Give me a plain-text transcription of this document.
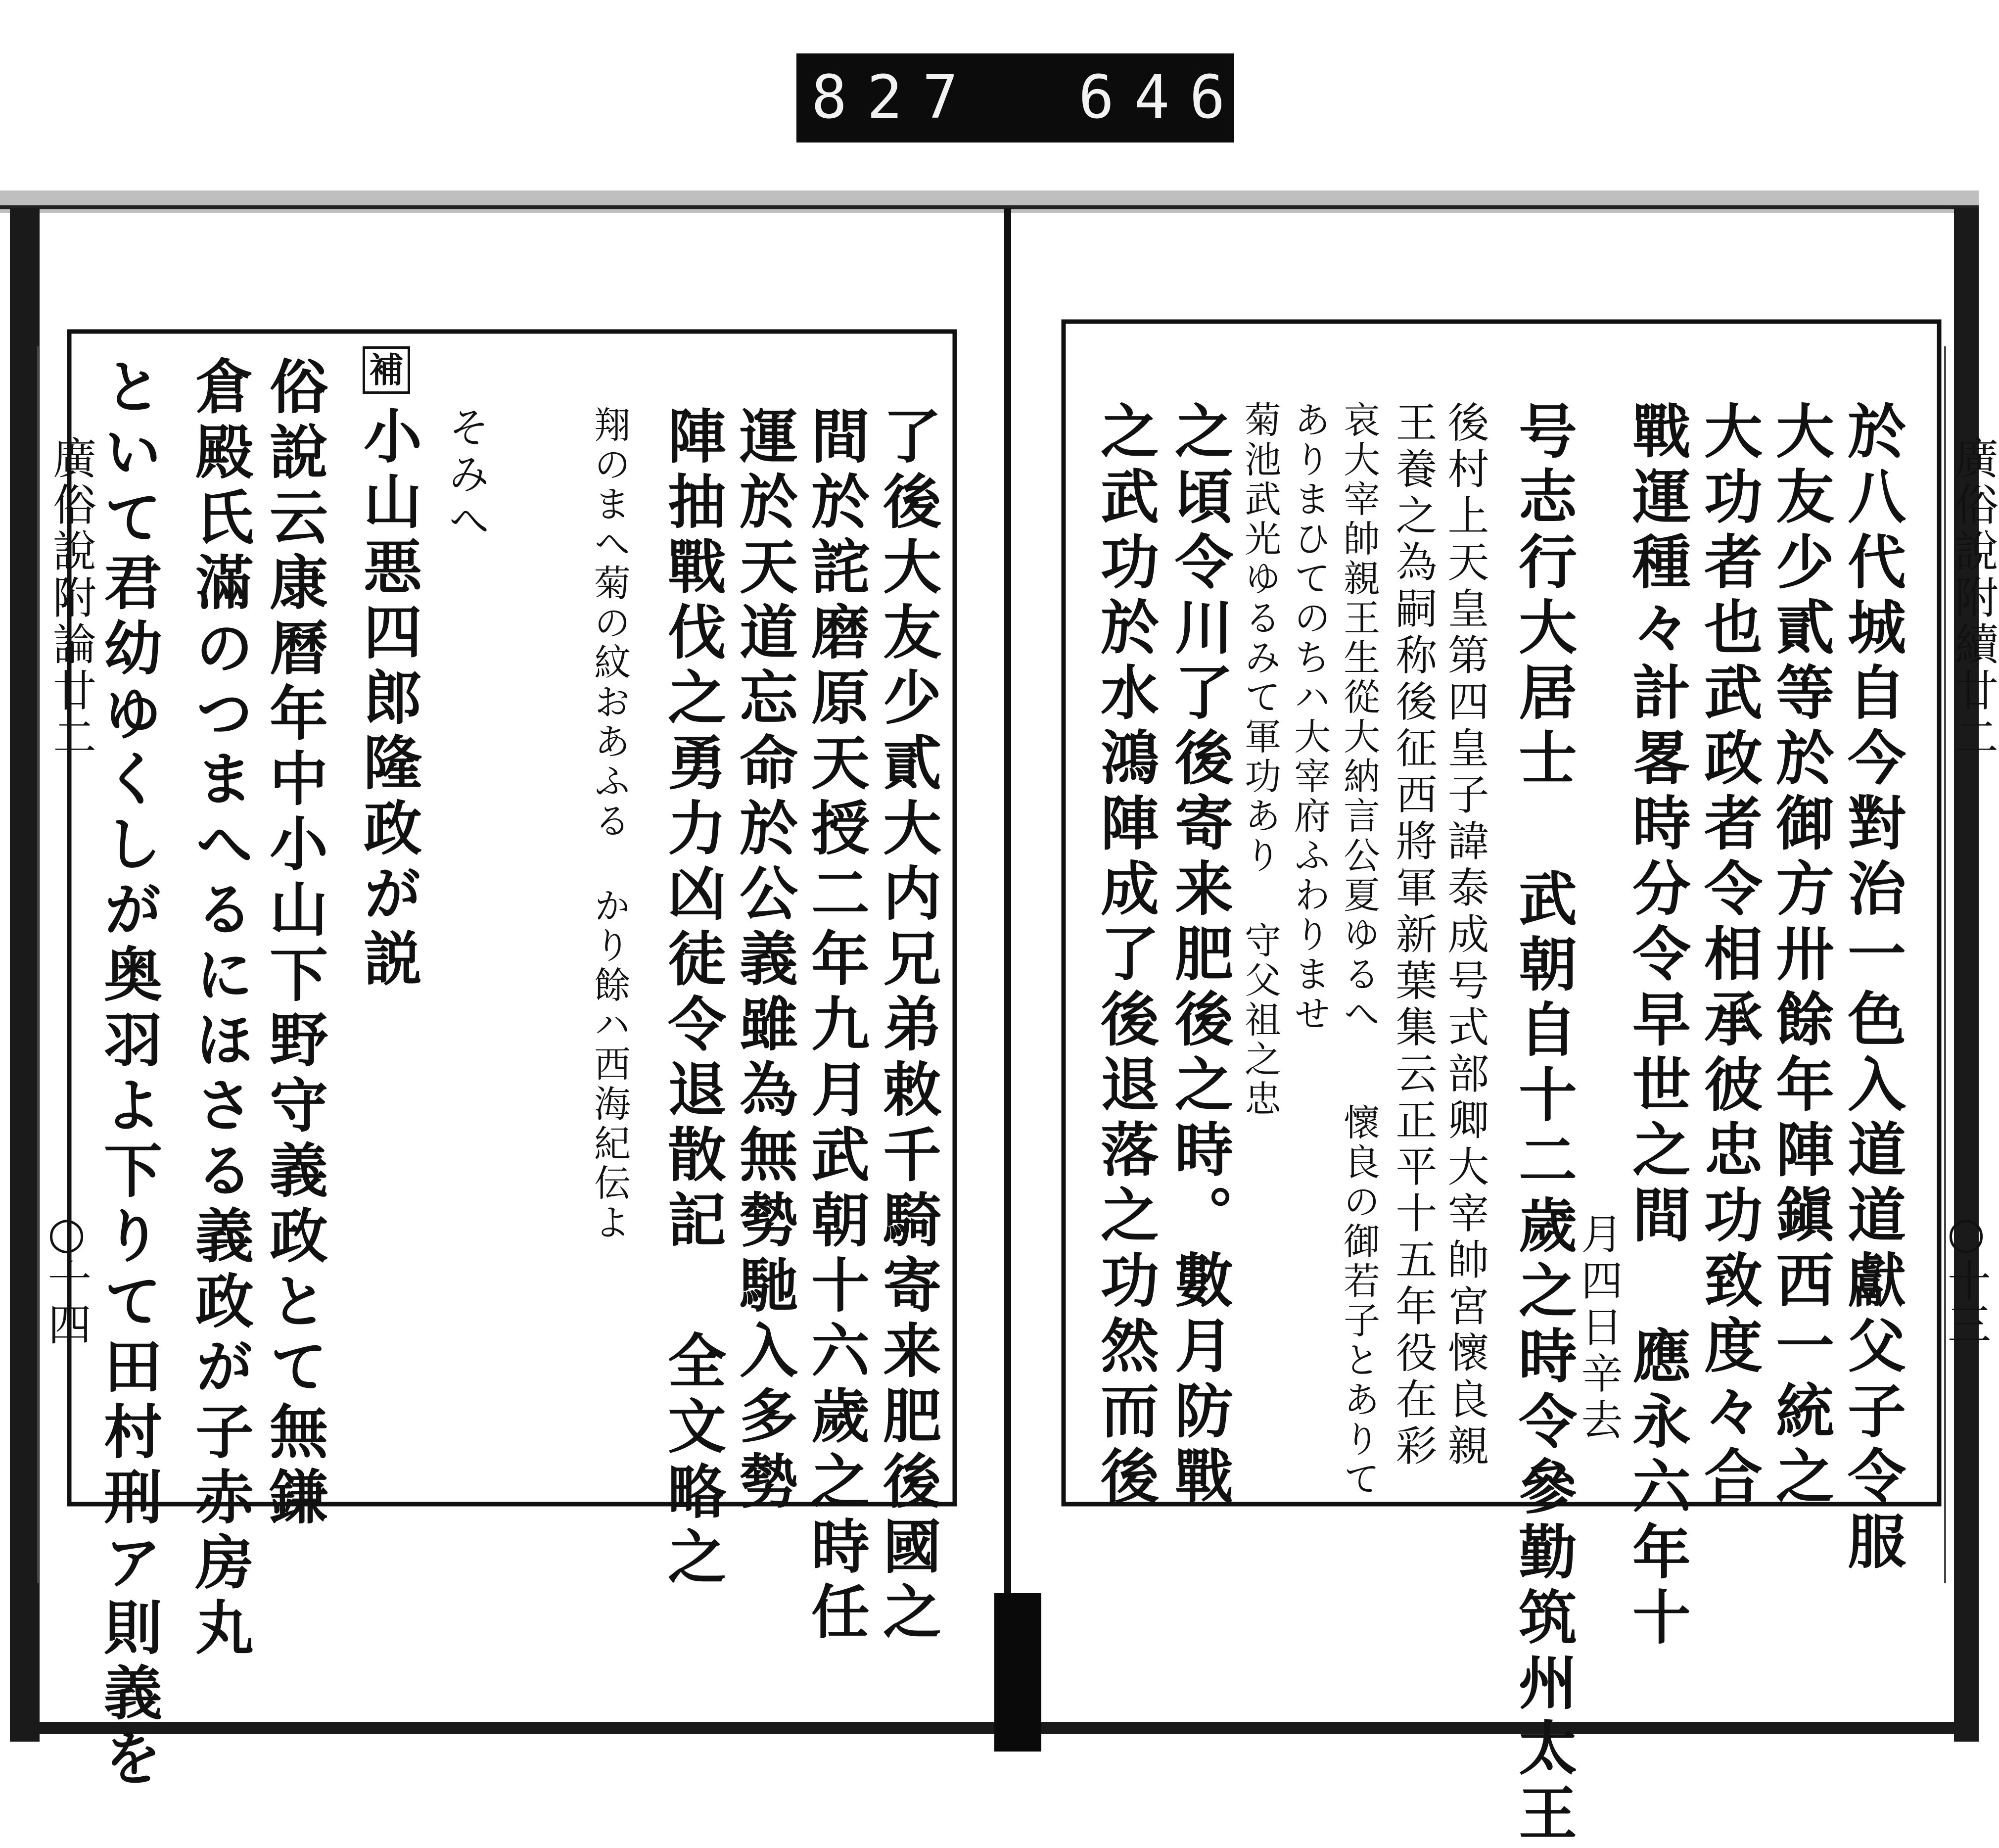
827 646
廣俗說附續廿二
○十三
於八代城自今對治一色入道道獻父子令服
大友少貳等於御方卅餘年陣鎭西一統之
大功者也武政者令相承彼忠功致度々合
戰運種々計畧時分令早世之間 應永六年十
月四日辛去
号志行大居士 武朝自十二歲之時令參勤筑州太王
後村上天皇第四皇子諱泰成号式部卿大宰帥宮懷良親
王養之為嗣称後征西將軍新葉集云正平十五年役在彩
哀大宰帥親王生從大納言公夏ゆるへ
懷良の御若子とありて
ありまひてのちハ大宰府ふわりませ
菊池武光ゆるみて軍功あり 守父祖之忠
之頃令川了後寄来肥後之時。數月防戰
之武功於水鴻陣成了後退落之功然而後
廣俗說附論廿二
○十四	了後大友少貳大内兄弟敕千騎寄来肥後國之
間於詫磨原天授二年九月武朝十六歲之時任
運於天道忘命於公義雖為無勢馳入多勢
陣抽戰伐之勇力凶徒令退散記 全文略之
翔のまへ菊の紋おあふる かり餘ハ西海紀伝よ
そみへ
補
小山悪四郎隆政が説
俗說云康曆年中小山下野守義政とて無鎌
倉殿氏滿のつまへるにほさる義政が子赤房丸
といて君幼ゆくしが奥羽よ下りて田村刑ア則義を
